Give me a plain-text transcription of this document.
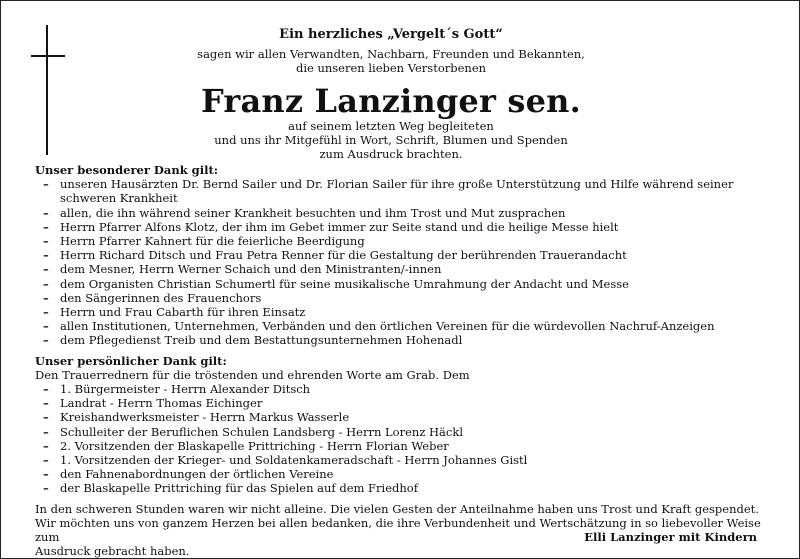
Ein herzliches „Vergelt´s Gott“
sagen wir allen Verwandten, Nachbarn, Freunden und Bekannten,
die unseren lieben Verstorbenen
Franz Lanzinger sen.
auf seinem letzten Weg begleiteten
und uns ihr Mitgefühl in Wort, Schrift, Blumen und Spenden
zum Ausdruck brachten.

Unser besonderer Dank gilt:

– unseren Hausärzten Dr. Bernd Sailer und Dr. Florian Sailer für ihre große Unterstützung und Hilfe während seiner schweren Krankheit
– allen, die ihn während seiner Krankheit besuchten und ihm Trost und Mut zusprachen
– Herrn Pfarrer Alfons Klotz, der ihm im Gebet immer zur Seite stand und die heilige Messe hielt
– Herrn Pfarrer Kahnert für die feierliche Beerdigung
– Herrn Richard Ditsch und Frau Petra Renner für die Gestaltung der berührenden Trauerandacht
– dem Mesner, Herrn Werner Schaich und den Ministranten/-innen
– dem Organisten Christian Schumertl für seine musikalische Umrahmung der Andacht und Messe
– den Sängerinnen des Frauenchors
– Herrn und Frau Cabarth für ihren Einsatz
– allen Institutionen, Unternehmen, Verbänden und den örtlichen Vereinen für die würdevollen Nachruf-Anzeigen
– dem Pflegedienst Treib und dem Bestattungsunternehmen Hohenadl

Unser persönlicher Dank gilt:

Den Trauerrednern für die tröstenden und ehrenden Worte am Grab. Dem

– 1. Bürgermeister - Herrn Alexander Ditsch
– Landrat - Herrn Thomas Eichinger
– Kreishandwerksmeister - Herrn Markus Wasserle
– Schulleiter der Beruflichen Schulen Landsberg - Herrn Lorenz Häckl
– 2. Vorsitzenden der Blaskapelle Prittriching - Herrn Florian Weber
– 1. Vorsitzenden der Krieger- und Soldatenkameradschaft - Herrn Johannes Gistl
– den Fahnenabordnungen der örtlichen Vereine
– der Blaskapelle Prittriching für das Spielen auf dem Friedhof

In den schweren Stunden waren wir nicht alleine. Die vielen Gesten der Anteilnahme haben uns Trost und Kraft gespendet.

Wir möchten uns von ganzem Herzen bei allen bedanken, die ihre Verbundenheit und Wertschätzung in so liebevoller Weise zum

Ausdruck gebracht haben.

Elli Lanzinger mit Kindern
